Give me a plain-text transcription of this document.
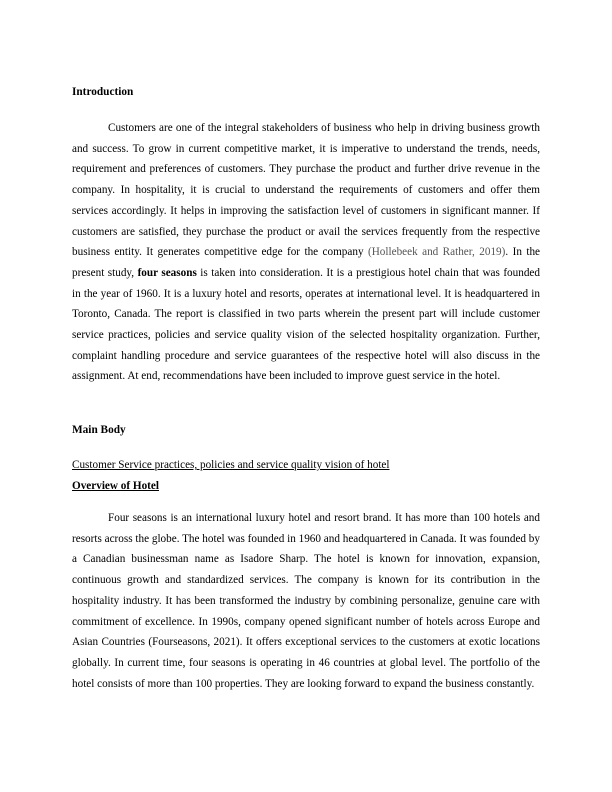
Introduction

Customers are one of the integral stakeholders of business who help in driving business growth and success. To grow in current competitive market, it is imperative to understand the trends, needs, requirement and preferences of customers. They purchase the product and further drive revenue in the company. In hospitality, it is crucial to understand the requirements of customers and offer them services accordingly. It helps in improving the satisfaction level of customers in significant manner. If customers are satisfied, they purchase the product or avail the services frequently from the respective business entity. It generates competitive edge for the company (Hollebeek and Rather, 2019). In the present study, four seasons is taken into consideration. It is a prestigious hotel chain that was founded in the year of 1960. It is a luxury hotel and resorts, operates at international level. It is headquartered in Toronto, Canada. The report is classified in two parts wherein the present part will include customer service practices, policies and service quality vision of the selected hospitality organization. Further, complaint handling procedure and service guarantees of the respective hotel will also discuss in the assignment. At end, recommendations have been included to improve guest service in the hotel.

Main Body

Customer Service practices, policies and service quality vision of hotel

Overview of Hotel

Four seasons is an international luxury hotel and resort brand. It has more than 100 hotels and resorts across the globe. The hotel was founded in 1960 and headquartered in Canada. It was founded by a Canadian businessman name as Isadore Sharp. The hotel is known for innovation, expansion, continuous growth and standardized services. The company is known for its contribution in the hospitality industry. It has been transformed the industry by combining personalize, genuine care with commitment of excellence. In 1990s, company opened significant number of hotels across Europe and Asian Countries (Fourseasons, 2021). It offers exceptional services to the customers at exotic locations globally. In current time, four seasons is operating in 46 countries at global level. The portfolio of the hotel consists of more than 100 properties. They are looking forward to expand the business constantly.
